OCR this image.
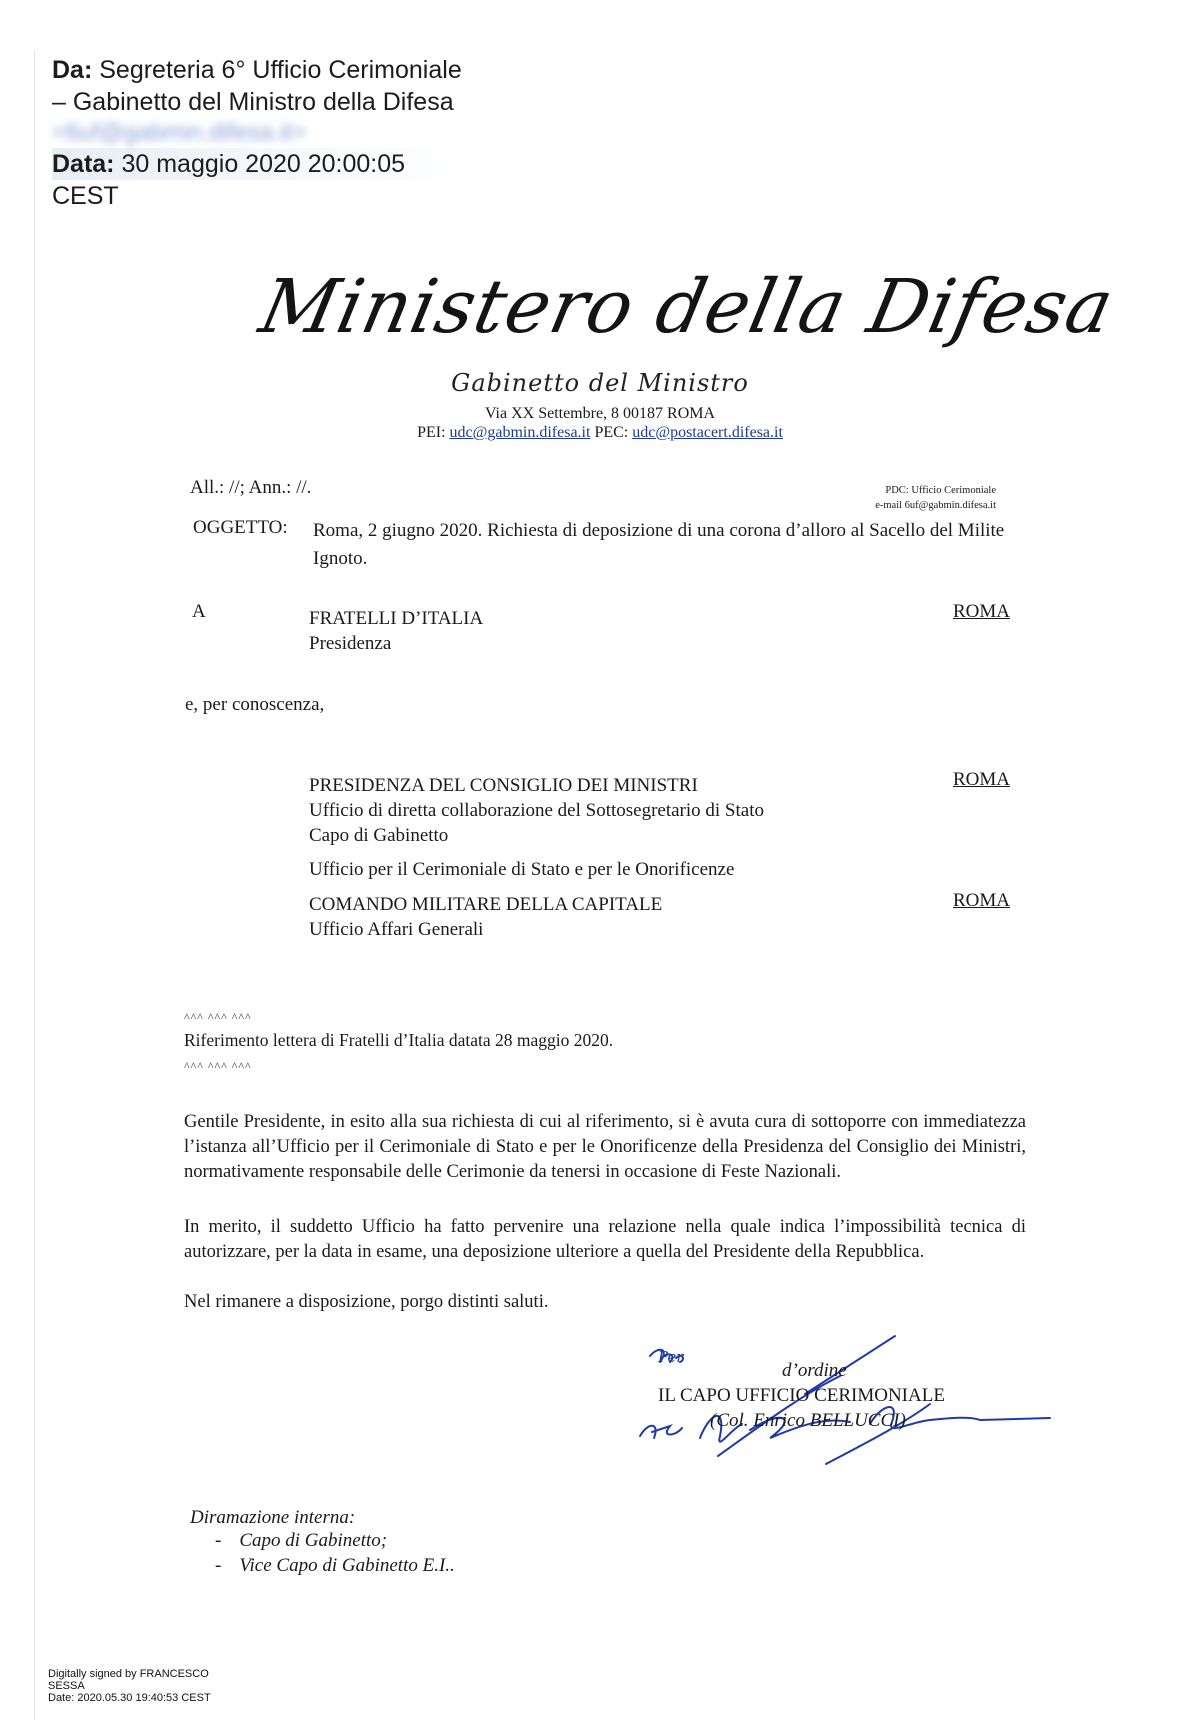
Da: Segreteria 6° Ufficio Cerimoniale – Gabinetto del Ministro della Difesa
<6uf@gabmin.difesa.it>
Data: 30 maggio 2020 20:00:05
CEST
Ministero della Difesa
Gabinetto del Ministro
Via XX Settembre, 8 00187 ROMA
PEI: udc@gabmin.difesa.it PEC: udc@postacert.difesa.it
All.: //; Ann.: //.	PDC: Ufficio Cerimoniale
e-mail 6uf@gabmin.difesa.it
OGGETTO: Roma, 2 giugno 2020. Richiesta di deposizione di una corona d’alloro al Sacello del Milite Ignoto.
A	FRATELLI D’ITALIA
Presidenza
ROMA
e, per conoscenza,
PRESIDENZA DEL CONSIGLIO DEI MINISTRI
Ufficio di diretta collaborazione del Sottosegretario di Stato
Capo di Gabinetto
Ufficio per il Cerimoniale di Stato e per le Onorificenze
ROMA
COMANDO MILITARE DELLA CAPITALE
Ufficio Affari Generali
ROMA
^^^ ^^^ ^^^
Riferimento lettera di Fratelli d’Italia datata 28 maggio 2020.
^^^ ^^^ ^^^
Gentile Presidente, in esito alla sua richiesta di cui al riferimento, si è avuta cura di sottoporre con immediatezza l’istanza all’Ufficio per il Cerimoniale di Stato e per le Onorificenze della Presidenza del Consiglio dei Ministri, normativamente responsabile delle Cerimonie da tenersi in occasione di Feste Nazionali.
In merito, il suddetto Ufficio ha fatto pervenire una relazione nella quale indica l’impossibilità tecnica di autorizzare, per la data in esame, una deposizione ulteriore a quella del Presidente della Repubblica.
Nel rimanere a disposizione, porgo distinti saluti.
Per
d’ordine
IL CAPO UFFICIO CERIMONIALE
(Col. Enrico BELLUCCI)
Diramazione interna:
- Capo di Gabinetto;
- Vice Capo di Gabinetto E.I..
Digitally signed by FRANCESCO
SESSA
Date: 2020.05.30 19:40:53 CEST
